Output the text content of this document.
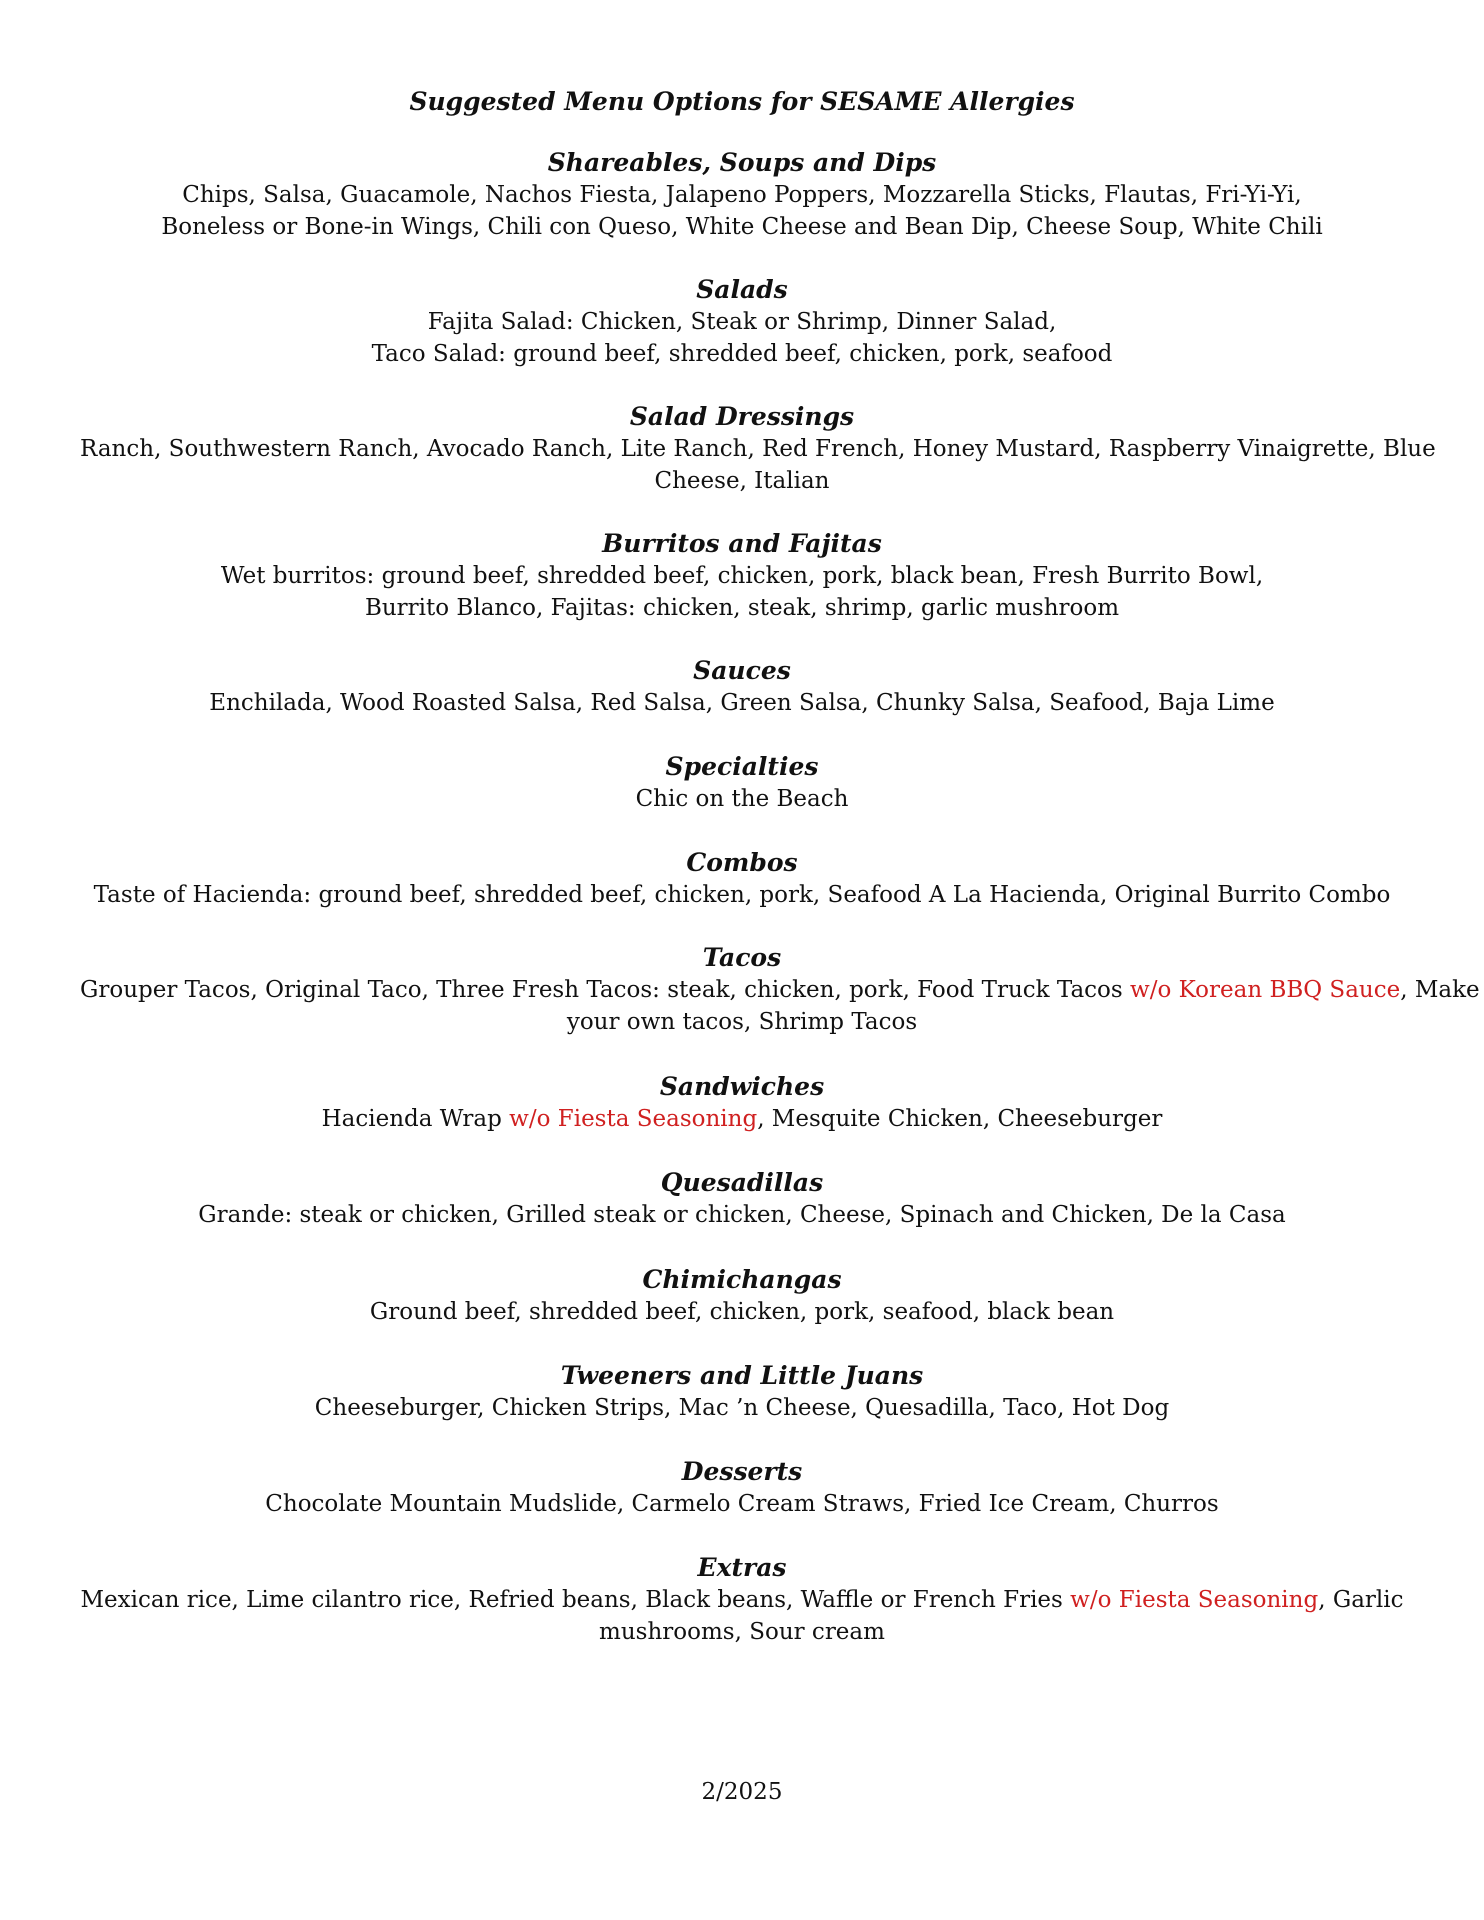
Suggested Menu Options for SESAME Allergies
Shareables, Soups and Dips
Chips, Salsa, Guacamole, Nachos Fiesta, Jalapeno Poppers, Mozzarella Sticks, Flautas, Fri-Yi-Yi,
Boneless or Bone-in Wings, Chili con Queso, White Cheese and Bean Dip, Cheese Soup, White Chili
Salads
Fajita Salad: Chicken, Steak or Shrimp, Dinner Salad,
Taco Salad: ground beef, shredded beef, chicken, pork, seafood
Salad Dressings
Ranch, Southwestern Ranch, Avocado Ranch, Lite Ranch, Red French, Honey Mustard, Raspberry Vinaigrette, Blue
Cheese, Italian
Burritos and Fajitas
Wet burritos: ground beef, shredded beef, chicken, pork, black bean, Fresh Burrito Bowl,
Burrito Blanco, Fajitas: chicken, steak, shrimp, garlic mushroom
Sauces
Enchilada, Wood Roasted Salsa, Red Salsa, Green Salsa, Chunky Salsa, Seafood, Baja Lime
Specialties
Chic on the Beach
Combos
Taste of Hacienda: ground beef, shredded beef, chicken, pork, Seafood A La Hacienda, Original Burrito Combo
Tacos
Grouper Tacos, Original Taco, Three Fresh Tacos: steak, chicken, pork, Food Truck Tacos w/o Korean BBQ Sauce, Make
your own tacos, Shrimp Tacos
Sandwiches
Hacienda Wrap w/o Fiesta Seasoning, Mesquite Chicken, Cheeseburger
Quesadillas
Grande: steak or chicken, Grilled steak or chicken, Cheese, Spinach and Chicken, De la Casa
Chimichangas
Ground beef, shredded beef, chicken, pork, seafood, black bean
Tweeners and Little Juans
Cheeseburger, Chicken Strips, Mac ’n Cheese, Quesadilla, Taco, Hot Dog
Desserts
Chocolate Mountain Mudslide, Carmelo Cream Straws, Fried Ice Cream, Churros
Extras
Mexican rice, Lime cilantro rice, Refried beans, Black beans, Waffle or French Fries w/o Fiesta Seasoning, Garlic
mushrooms, Sour cream
2/2025
